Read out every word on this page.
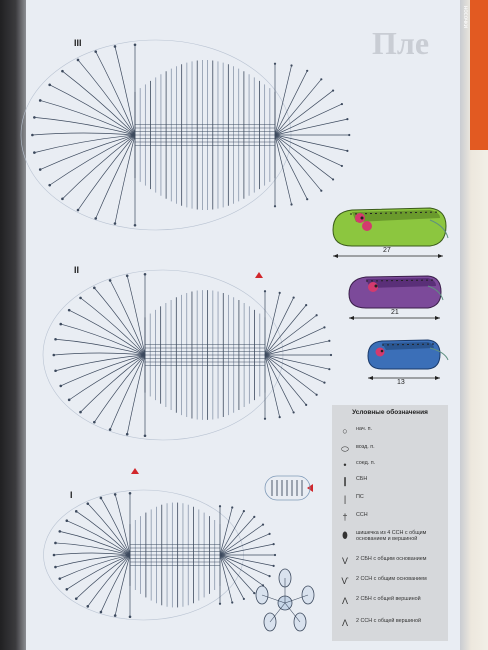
Пле
носочки
III
II
I
27
21
13
Условные обозначения
○	нач. п.
⬭	возд. п.
•	соед. п.
❙	СБН
|	ПС
†	ССН
⬮	шишечка из 4 ССН с общим основанием и вершиной
V	2 СБН с общим основанием
Ѵ	2 ССН с общим основанием
Λ	2 СБН с общей вершиной
Λ	2 ССН с общей вершиной
